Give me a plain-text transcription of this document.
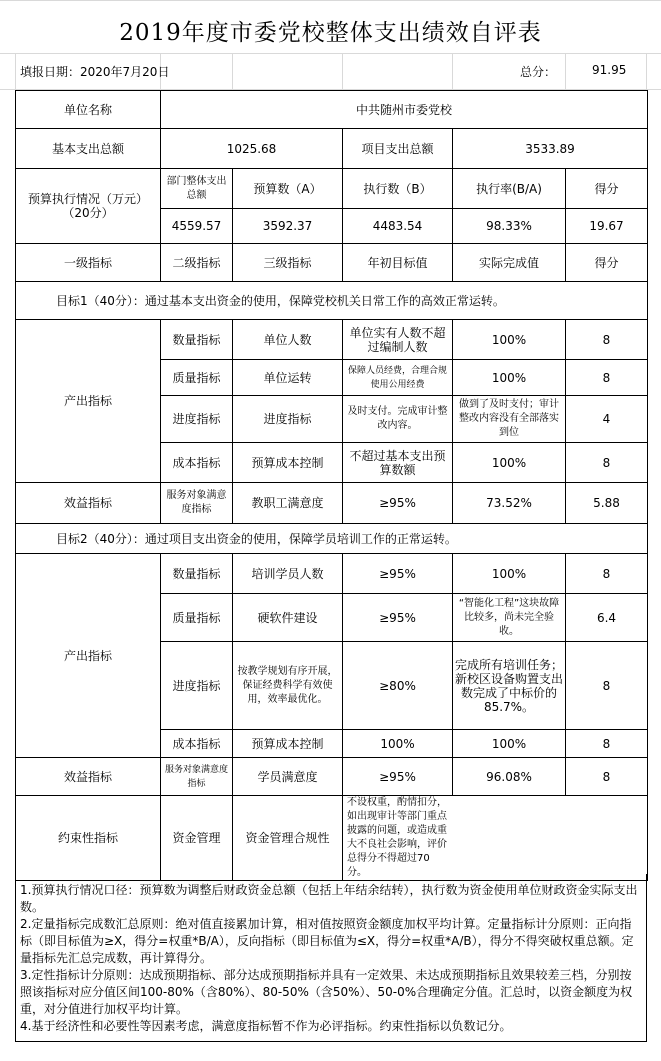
2019年度市委党校整体支出绩效自评表
填报日期：2020年7月20日	总分：	91.95
单位名称	中共随州市委党校				
基本支出总额	1025.68		项目支出总额	3533.89	
预算执行情况（万元）（20分）	部门整体支出总额	预算数（A）	执行数（B）	执行率(B/A)	得分
	4559.57	3592.37	4483.54	98.33%	19.67
一级指标	二级指标	三级指标	年初目标值	实际完成值	得分
目标1（40分）：通过基本支出资金的使用，保障党校机关日常工作的高效正常运转。					
产出指标	数量指标	单位人数	单位实有人数不超过编制人数	100%	8
	质量指标	单位运转	保障人员经费，合理合规使用公用经费	100%	8
	进度指标	进度指标	及时支付。完成审计整改内容。	做到了及时支付；审计整改内容没有全部落实到位	4
	成本指标	预算成本控制	不超过基本支出预算数额	100%	8
效益指标	服务对象满意度指标	教职工满意度	≥95%	73.52%	5.88
目标2（40分）：通过项目支出资金的使用，保障学员培训工作的正常运转。					
产出指标	数量指标	培训学员人数	≥95%	100%	8
	质量指标	硬软件建设	≥95%	“智能化工程”这块故障比较多，尚未完全验收。	6.4
	进度指标	按教学规划有序开展，保证经费科学有效使用，效率最优化。	≥80%	完成所有培训任务；新校区设备购置支出数完成了中标价的85.7%。	8
	成本指标	预算成本控制	100%	100%	8
效益指标	服务对象满意度指标	学员满意度	≥95%	96.08%	8
约束性指标	资金管理	资金管理合规性	不设权重，酌情扣分，如出现审计等部门重点披露的问题，或造成重大不良社会影响，评价总得分不得超过70分。		

1.预算执行情况口径：预算数为调整后财政资金总额（包括上年结余结转），执行数为资金使用单位财政资金实际支出数。

2.定量指标完成数汇总原则：绝对值直接累加计算，相对值按照资金额度加权平均计算。定量指标计分原则：正向指标（即目标值为≥X，得分=权重*B/A），反向指标（即目标值为≤X，得分=权重*A/B），得分不得突破权重总额。定量指标先汇总完成数，再计算得分。

3.定性指标计分原则：达成预期指标、部分达成预期指标并具有一定效果、未达成预期指标且效果较差三档，分别按照该指标对应分值区间100-80%（含80%）、80-50%（含50%）、50-0%合理确定分值。汇总时，以资金额度为权重，对分值进行加权平均计算。

4.基于经济性和必要性等因素考虑，满意度指标暂不作为必评指标。约束性指标以负数记分。
